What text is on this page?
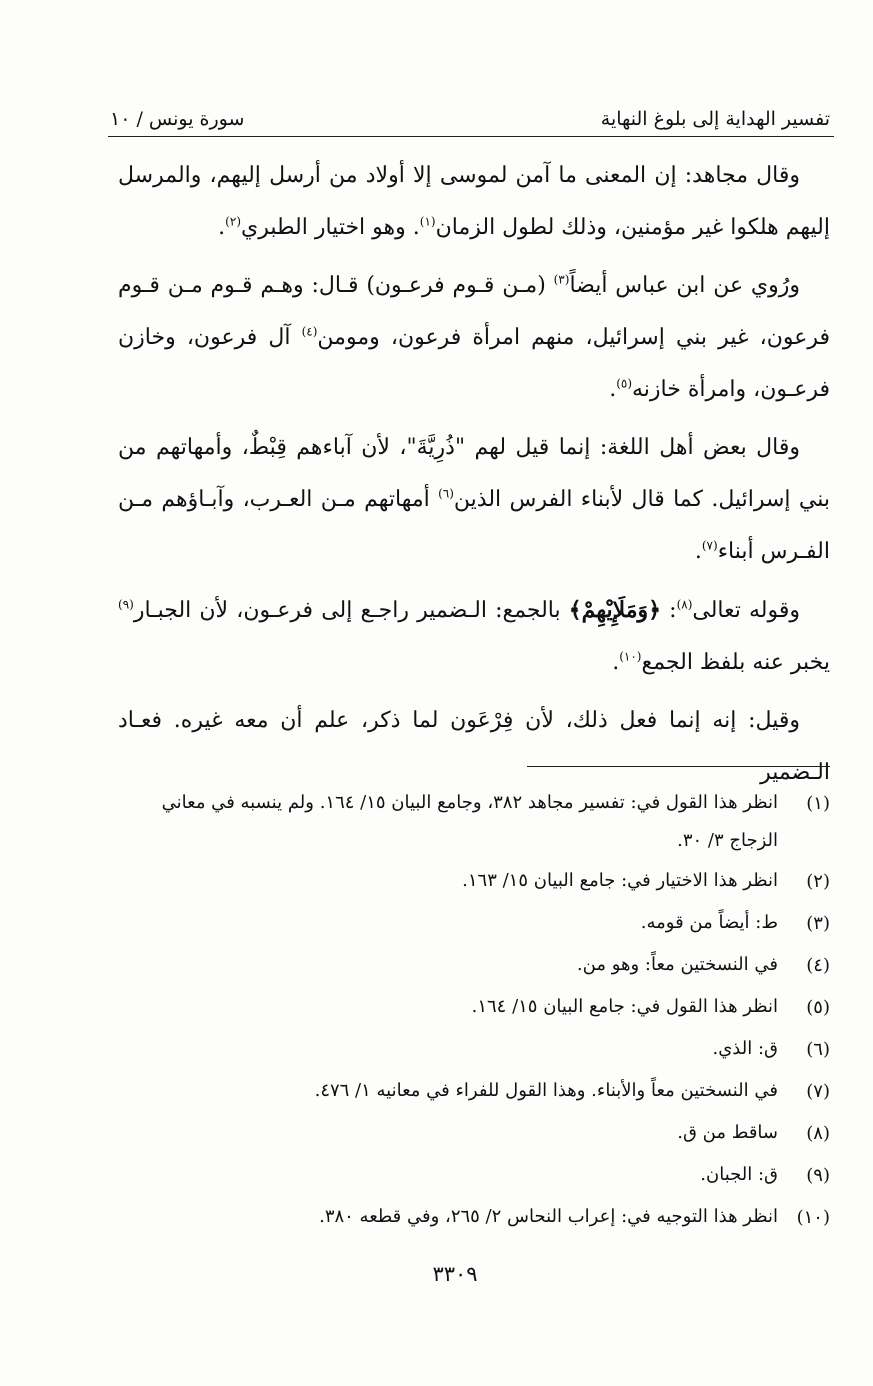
تفسير الهداية إلى بلوغ النهاية
سورة يونس / ١٠

وقال مجاهد: إن المعنى ما آمن لموسى إلا أولاد من أرسل إليهم، والمرسل إليهم هلكوا غير مؤمنين، وذلك لطول الزمان$^{(١)}$. وهو اختيار الطبري$^{(٢)}$.

ورُوي عن ابن عباس أيضاً$^{(٣)}$ (مـن قـوم فرعـون) قـال: وهـم قـوم مـن قـوم فرعون، غير بني إسرائيل، منهم امرأة فرعون، ومومن$^{(٤)}$ آل فرعون، وخازن فرعـون، وامرأة خازنه$^{(٥)}$.

وقال بعض أهل اللغة: إنما قيل لهم "ذُرِيَّةَ"، لأن آباءهم قِبْطٌ، وأمهاتهم من بني إسرائيل. كما قال لأبناء الفرس الذين$^{(٦)}$ أمهاتهم مـن العـرب، وآبـاؤهم مـن الفـرس أبناء$^{(٧)}$.

وقوله تعالى$^{(٨)}$: ﴿وَمَلَإِيْهِمْ﴾ بالجمع: الـضمير راجـع إلى فرعـون، لأن الجبـار$^{(٩)}$ يخبر عنه بلفظ الجمع$^{(١٠)}$.

وقيل: إنه إنما فعل ذلك، لأن فِرْعَون لما ذكر، علم أن معه غيره. فعـاد الـضمير

(١)
انظر هذا القول في: تفسير مجاهد ٣٨٢، وجامع البيان ١٥/ ١٦٤. ولم ينسبه في معاني الزجاج ٣/ ٣٠.
(٢)
انظر هذا الاختيار في: جامع البيان ١٥/ ١٦٣.
(٣)
ط: أيضاً من قومه.
(٤)
في النسختين معاً: وهو من.
(٥)
انظر هذا القول في: جامع البيان ١٥/ ١٦٤.
(٦)
ق: الذي.
(٧)
في النسختين معاً والأبناء. وهذا القول للفراء في معانيه ١/ ٤٧٦.
(٨)
ساقط من ق.
(٩)
ق: الجبان.
(١٠)
انظر هذا التوجيه في: إعراب النحاس ٢/ ٢٦٥، وفي قطعه ٣٨٠.
٣٣٠٩
